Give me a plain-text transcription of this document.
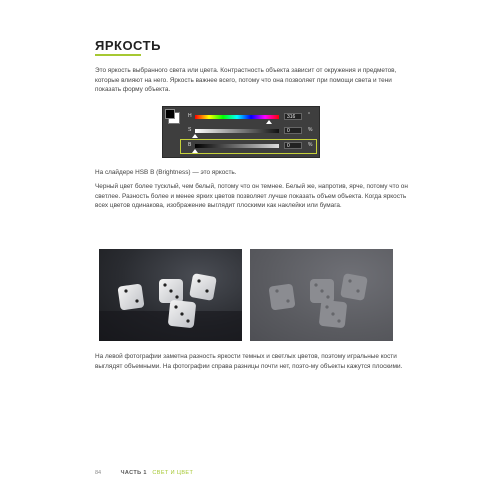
ЯРКОСТЬ
Это яркость выбранного света или цвета. Контрастность объекта зависит от окружения и предметов, которые влияют на него. Яркость важнее всего, потому что она позволяет при помощи света и тени показать форму объекта.
H	316	°
S	0	%
B	0	%
На слайдере HSB B (Brightness) — это яркость.
Черный цвет более тусклый, чем белый, потому что он темнее. Белый же, напротив, ярче, потому что он светлее. Разность более и менее ярких цветов позволяет лучше показать объем объекта. Когда яркость всех цветов одинакова, изображение выглядит плоскими как наклейки или бумага.
На левой фотографии заметна разность яркости темных и светлых цветов, поэтому игральные кости выглядят объемными. На фотографии справа разницы почти нет, поэто-му объекты кажутся плоскими.
84	ЧАСТЬ 1 СВЕТ И ЦВЕТ
